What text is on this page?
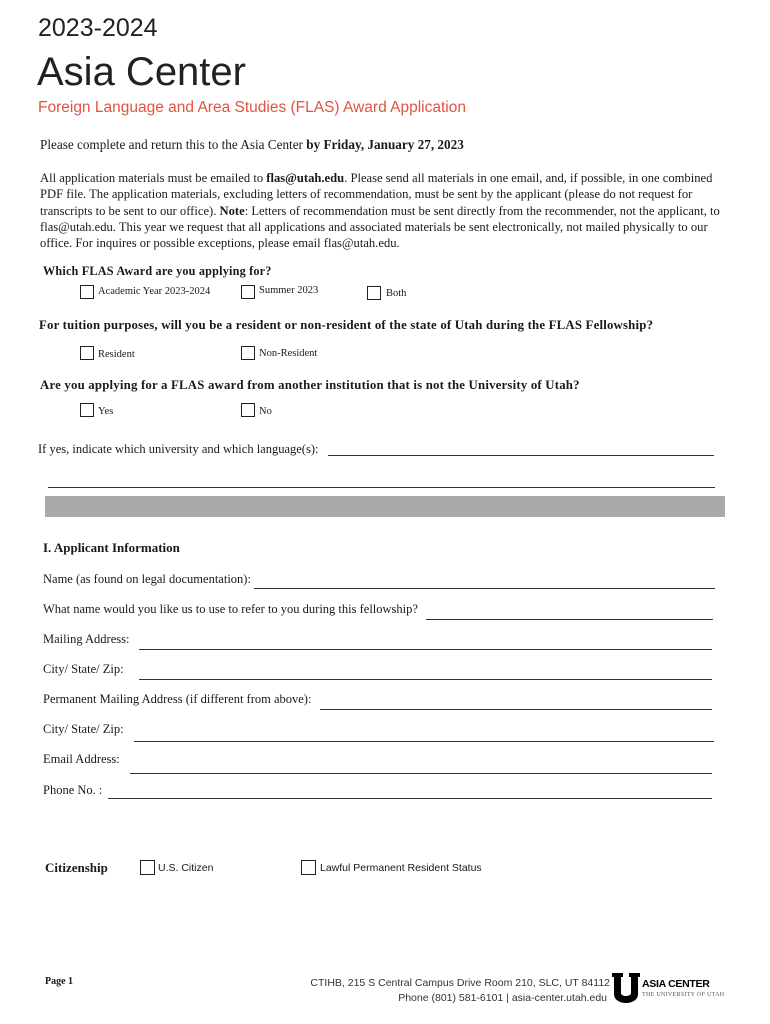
2023-2024
Asia Center
Foreign Language and Area Studies (FLAS) Award Application
Please complete and return this to the Asia Center by Friday, January 27, 2023
All application materials must be emailed to flas@utah.edu. Please send all materials in one email, and, if possible, in one combined PDF file. The application materials, excluding letters of recommendation, must be sent by the applicant (please do not request for transcripts to be sent to our office). Note: Letters of recommendation must be sent directly from the recommender, not the applicant, to flas@utah.edu. This year we request that all applications and associated materials be sent electronically, not mailed physically to our office. For inquires or possible exceptions, please email flas@utah.edu.
Which FLAS Award are you applying for?
Academic Year 2023-2024	Summer 2023	Both
For tuition purposes, will you be a resident or non-resident of the state of Utah during the FLAS Fellowship?
Resident	Non-Resident
Are you applying for a FLAS award from another institution that is not the University of Utah?
Yes	No
If yes, indicate which university and which language(s):
I. Applicant Information
Name (as found on legal documentation):
What name would you like us to use to refer to you during this fellowship?
Mailing Address:
City/ State/ Zip:
Permanent Mailing Address (if different from above):
City/ State/ Zip:
Email Address:
Phone No. :
Citizenship	U.S. Citizen	Lawful Permanent Resident Status
Page 1	CTIHB, 215 S Central Campus Drive Room 210, SLC, UT 84112
Phone (801) 581-6101 | asia-center.utah.edu
ASIA CENTER
THE UNIVERSITY OF UTAH
